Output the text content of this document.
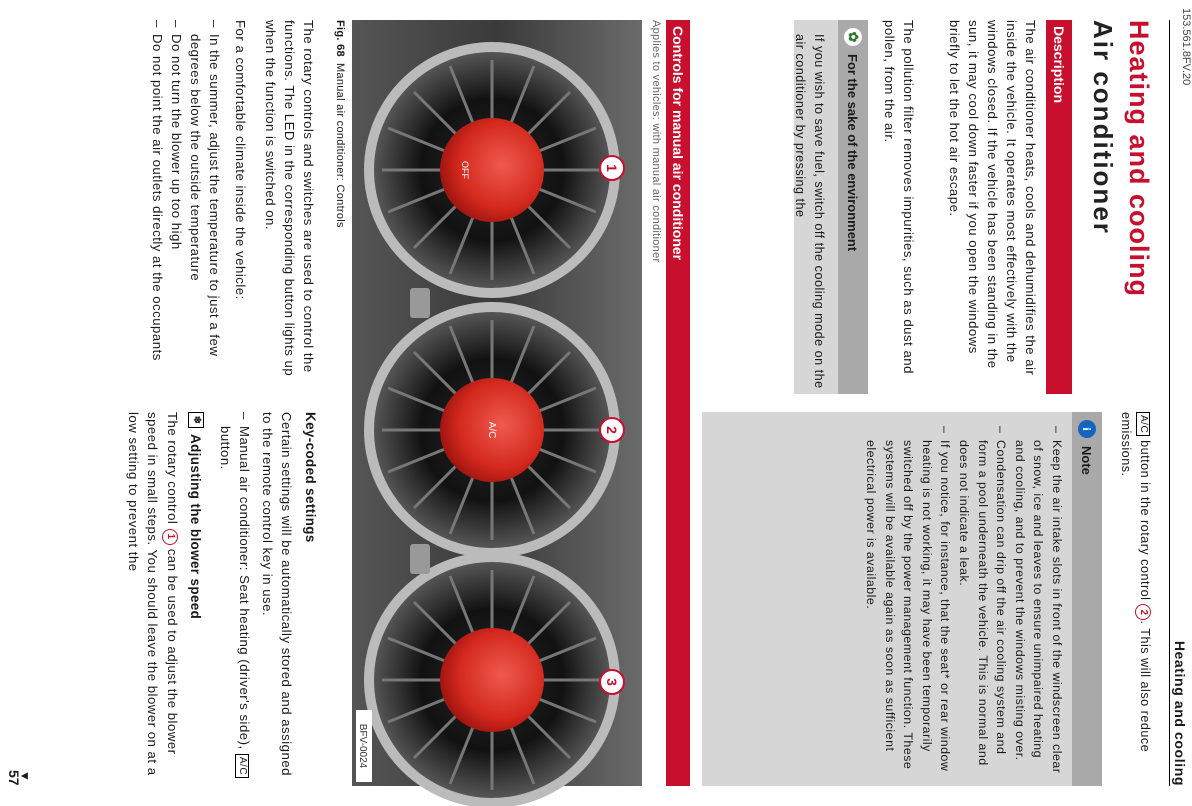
153.561.8FV.20
Heating and cooling
Heating and cooling
Air conditioner
Description
The air conditioner heats, cools and dehumidifies the air inside the vehicle. It operates most effectively with the windows closed. If the vehicle has been standing in the sun, it may cool down faster if you open the windows briefly to let the hot air escape.
The pollution filter removes impurities, such as dust and pollen, from the air.
✿
For the sake of the environment
If you wish to save fuel, switch off the cooling mode on the air conditioner by pressing the
A/C button in the rotary control 2. This will also reduce emissions.
i
Note
– Keep the air intake slots in front of the windscreen clear of snow, ice and leaves to ensure unimpaired heating and cooling, and to prevent the windows misting over.
– Condensation can drip off the air cooling system and form a pool underneath the vehicle. This is normal and does not indicate a leak.
– If you notice, for instance, that the seat* or rear window heating is not working, it may have been temporarily switched off by the power management function. These systems will be available again as soon as sufficient electrical power is available.
Controls for manual air conditioner
Applies to vehicles: with manual air conditioner
OFF
A/C
1
2
3
BFV-0024
Fig. 68Manual air conditioner: Controls
The rotary controls and switches are used to control the functions. The LED in the corresponding button lights up when the function is switched on.
For a comfortable climate inside the vehicle:
– In the summer, adjust the temperature to just a few degrees below the outside temperature
– Do not turn the blower up too high
– Do not point the air outlets directly at the occupants
Key-coded settings
Certain settings will be automatically stored and assigned to the remote control key in use.
–
Manual air conditioner: Seat heating (driver's side), A/C button.
❄
Adjusting the blower speed
The rotary control 1 can be used to adjust the blower speed in small steps. You should leave the blower on at a low setting to prevent the
▼
57
